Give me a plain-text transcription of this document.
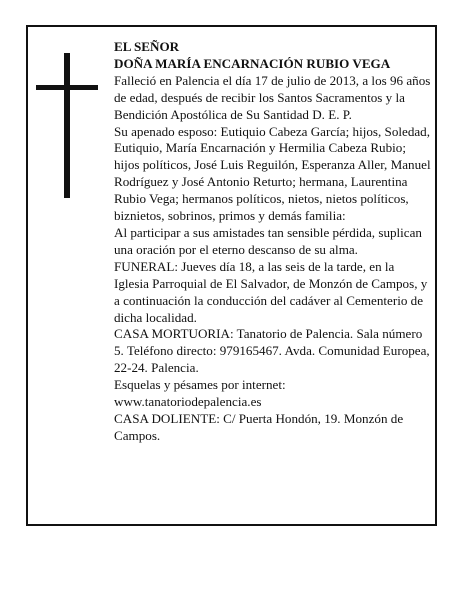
EL SEÑOR

DOÑA MARÍA ENCARNACIÓN RUBIO VEGA

Falleció en Palencia el día 17 de julio de 2013, a los 96 años de edad, después de recibir los Santos Sacramentos y la Bendición Apostólica de Su Santidad D. E. P.

Su apenado esposo: Eutiquio Cabeza García; hijos, Soledad, Eutiquio, María Encarnación y Hermilia Cabeza Rubio; hijos políticos, José Luis Reguilón, Esperanza Aller, Manuel Rodríguez y José Antonio Returto; hermana, Laurentina Rubio Vega; hermanos políticos, nietos, nietos políticos, biznietos, sobrinos, primos y demás familia:

Al participar a sus amistades tan sensible pérdida, suplican una oración por el eterno descanso de su alma.

FUNERAL: Jueves día 18, a las seis de la tarde, en la Iglesia Parroquial de El Salvador, de Monzón de Campos, y a continuación la conducción del cadáver al Cementerio de dicha localidad.

CASA MORTUORIA: Tanatorio de Palencia. Sala número 5. Teléfono directo: 979165467. Avda. Comunidad Europea, 22-24. Palencia.

Esquelas y pésames por internet: www.tanatoriodepalencia.es

CASA DOLIENTE: C/ Puerta Hondón, 19. Monzón de Campos.
